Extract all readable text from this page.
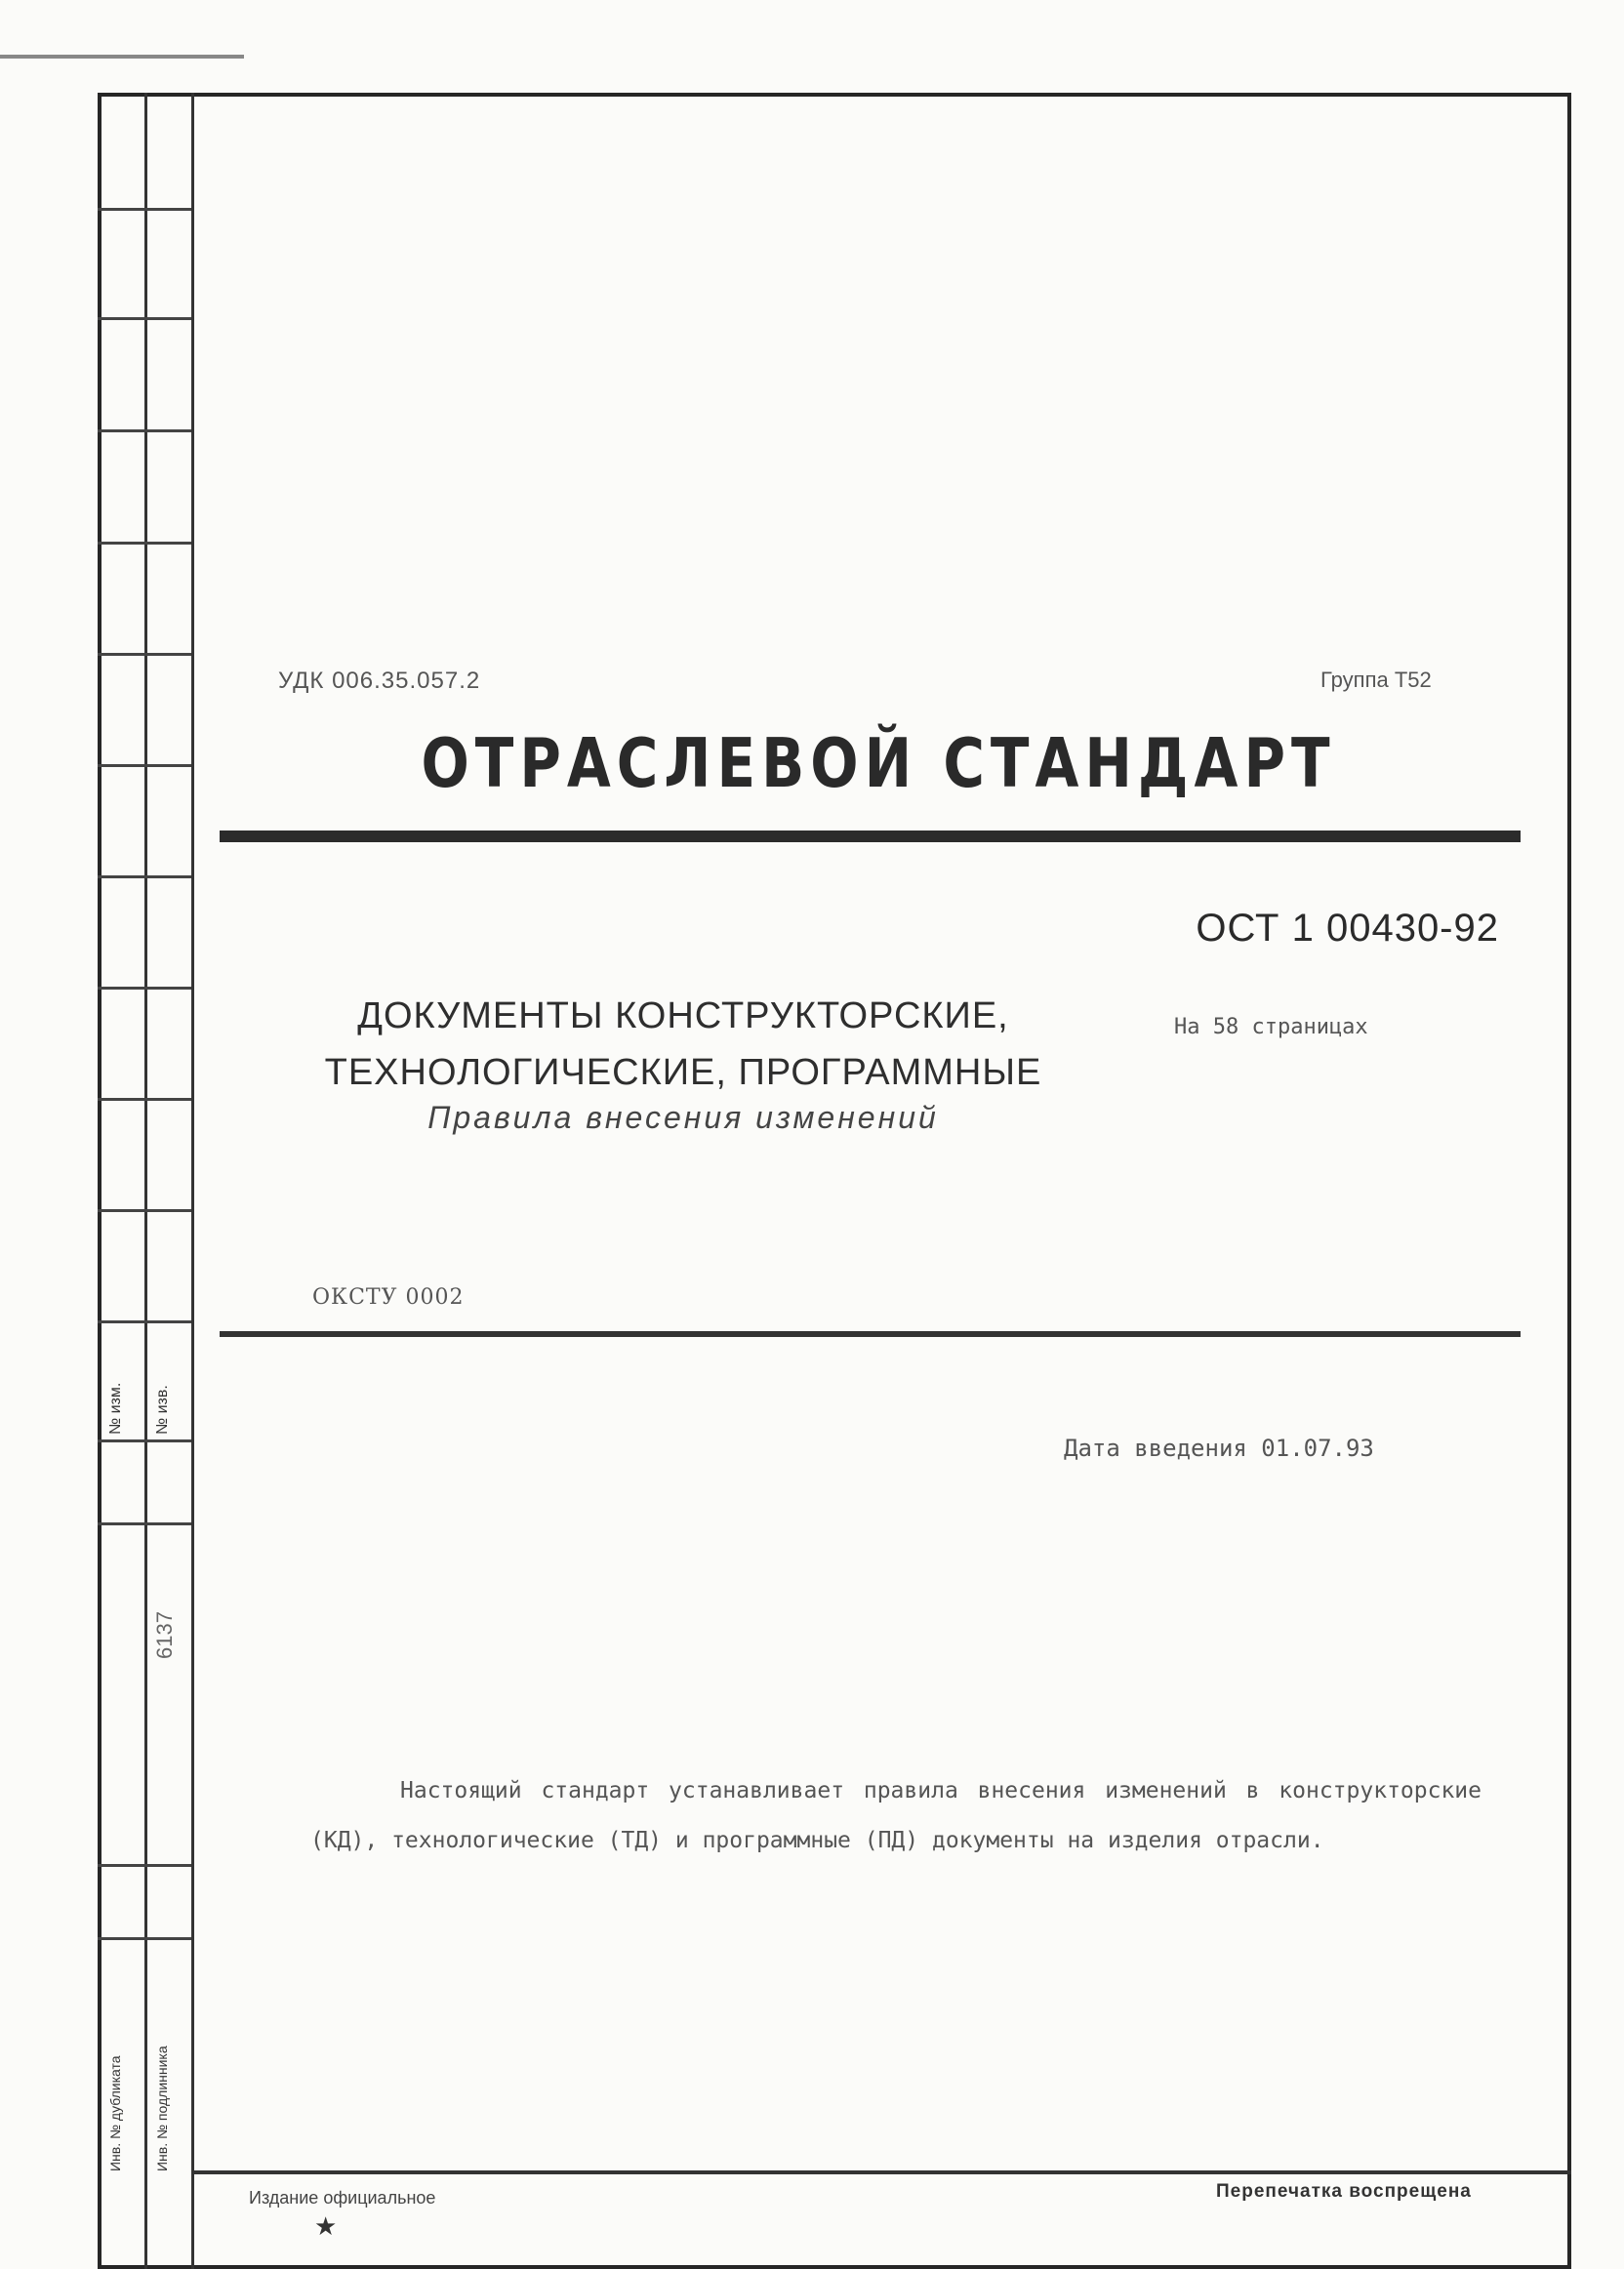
№ изм. № изв.
6137
Инв. № дубликата Инв. № подлинника
УДК 006.35.057.2	Группа Т52
ОТРАСЛЕВОЙ СТАНДАРТ
ОСТ 1 00430-92
На 58 страницах
ДОКУМЕНТЫ КОНСТРУКТОРСКИЕ,
ТЕХНОЛОГИЧЕСКИЕ, ПРОГРАММНЫЕ
Правила внесения изменений
ОКСТУ 0002
Дата введения 01.07.93
Настоящий стандарт устанавливает правила внесения изменений в конструкторские (КД), технологические (ТД) и программные (ПД) документы на изделия отрасли.
Издание официальное
★
Перепечатка воспрещена
